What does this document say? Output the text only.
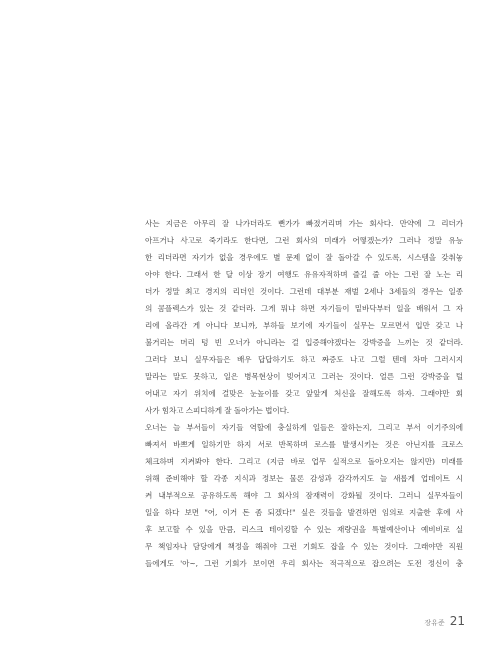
사는 지금은 아무리 잘 나가더라도 뻔가가 빠졌거리며 가는 회사다. 만약에 그 리더가
아프거나 사고로 죽기라도 한다면, 그런 회사의 미래가 어떻겠는가? 그러나 정말 유능
한 리더라면 자기가 없을 경우에도 별 문제 없이 잘 돌아갈 수 있도록, 시스템을 갖춰놓
아야 한다. 그래서 한 달 이상 장기 여행도 유유자적하며 즐길 줄 아는 그런 잘 노는 리
더가 정말 최고 경지의 리더인 것이다. 그런데 대부분 재벌 2세나 3세들의 경우는 일종
의 콤플렉스가 있는 것 같더라. 그게 뭐냐 하면 자기들이 밑바닥부터 일을 배워서 그 자
리에 올라간 게 아니다 보니까, 부하들 보기에 자기들이 실무는 모르면서 입만 갖고 나
불거리는 머리 텅 빈 오너가 아니라는 걸 입증해야겠다는 강박증을 느끼는 것 같더라.
그러다 보니 실무자들은 배우 답답하기도 하고 짜증도 나고 그럴 텐데 차마 그러시지
말라는 말도 못하고, 일은 병목현상이 빚어지고 그러는 것이다. 얼른 그런 강박증을 털
어내고 자기 위치에 걸맞은 눈높이를 갖고 앞앞게 처신을 잘해도록 하자. 그래야만 회
사가 힘차고 스피디하게 잘 돌아가는 법이다.

오너는 늘 부서들이 자기들 역할에 충실하게 일들은 잘하는지, 그리고 부서 이기주의에
빠져서 바쁘게 일하기만 하지 서로 반목하며 로스를 발생시키는 것은 아닌지를 크로스
체크하며 지켜봐야 한다. 그리고 (지금 바로 업무 실적으로 돌아오지는 않지만) 미래를
위해 준비해야 할 각종 지식과 정보는 물론 감성과 감각까지도 늘 새롭게 업데이트 시
켜 내부적으로 공유하도록 해야 그 회사의 잠재력이 강화될 것이다. 그러니 실무자들이
일을 하다 보면 "어, 이거 돈 좀 되겠다!" 싶은 것들을 발견하면 임의로 지출한 후에 사
후 보고할 수 있을 만큼, 리스크 테이킹할 수 있는 재량권을 특별예산이나 예비비로 실
무 책임자나 담당에게 책정을 해줘야 그런 기회도 잡을 수 있는 것이다. 그래야만 직원
들에게도 '아~, 그런 기회가 보이면 우리 회사는 적극적으로 잡으려는 도전 정신이 충

장유준 21
